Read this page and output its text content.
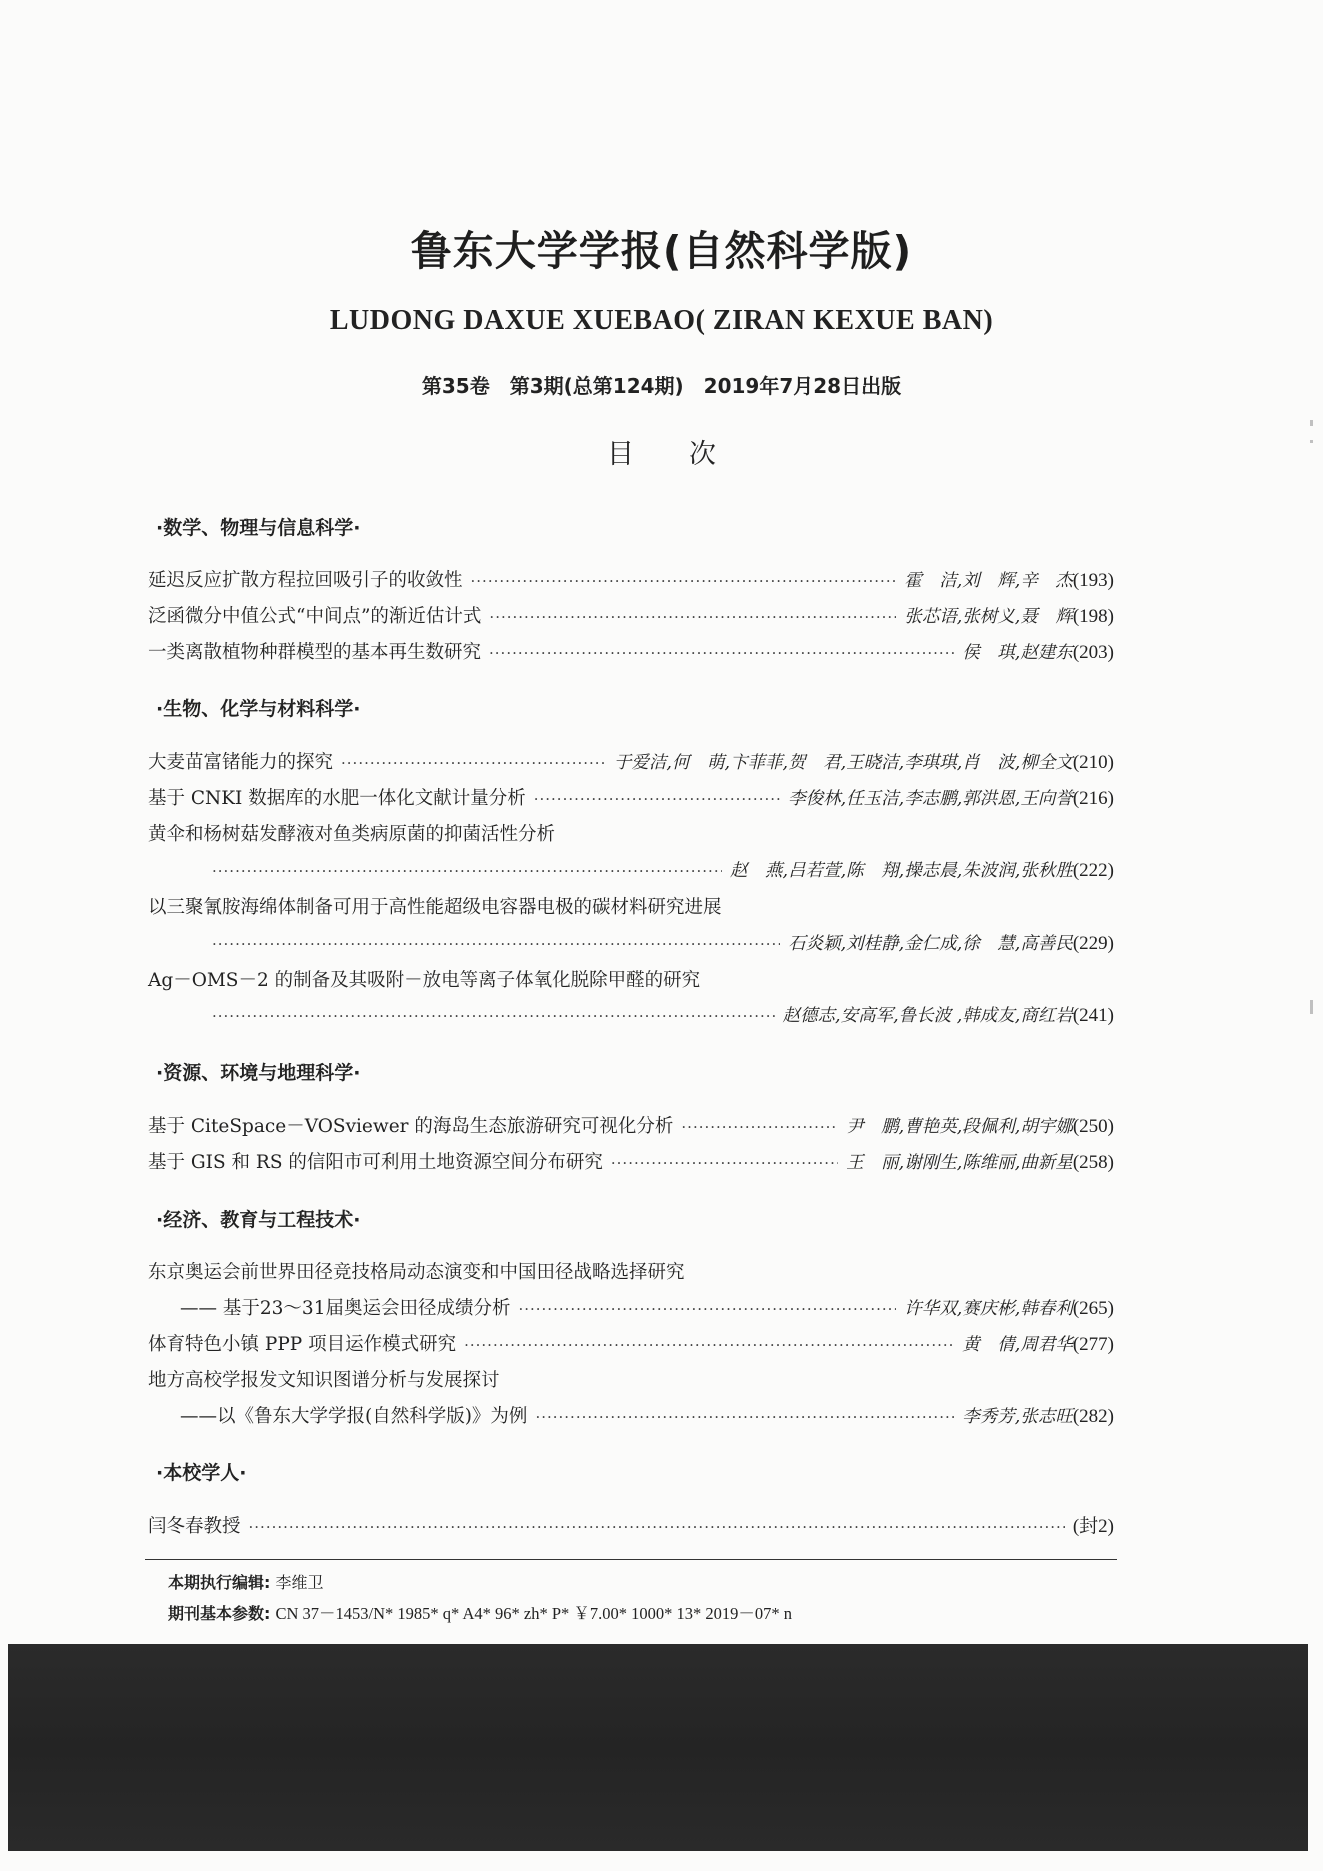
鲁东大学学报(自然科学版)
LUDONG DAXUE XUEBAO( ZIRAN KEXUE BAN)
第35卷　第3期(总第124期)　2019年7月28日出版
目次
·数学、物理与信息科学·
延迟反应扩散方程拉回吸引子的收敛性 ·····	霍　洁,刘　辉,辛　杰 (193)
泛函微分中值公式“中间点”的渐近估计式 ·····	张芯语,张树义,聂　辉 (198)
一类离散植物种群模型的基本再生数研究 ·····	侯　琪,赵建东 (203)
·生物、化学与材料科学·
大麦苗富锗能力的探究 ·····	于爱洁,何　萌,卞菲菲,贺　君,王晓洁,李琪琪,肖　波,柳全文 (210)
基于 CNKI 数据库的水肥一体化文献计量分析 ·····	李俊林,任玉洁,李志鹏,郭洪恩,王向誉 (216)
黄伞和杨树菇发酵液对鱼类病原菌的抑菌活性分析
·····
赵　燕,吕若萱,陈　翔,操志晨,朱波润,张秋胜 (222)
以三聚氰胺海绵体制备可用于高性能超级电容器电极的碳材料研究进展
·····
石炎颖,刘桂静,金仁成,徐　慧,高善民 (229)
Ag－OMS－2 的制备及其吸附－放电等离子体氧化脱除甲醛的研究
·····
赵德志,安高军,鲁长波 ,韩成友,商红岩 (241)
·资源、环境与地理科学·
基于 CiteSpace－VOSviewer 的海岛生态旅游研究可视化分析 ·····	尹　鹏,曹艳英,段佩利,胡宇娜 (250)
基于 GIS 和 RS 的信阳市可利用土地资源空间分布研究 ·····	王　丽,谢刚生,陈维丽,曲新星 (258)
·经济、教育与工程技术·
东京奥运会前世界田径竞技格局动态演变和中国田径战略选择研究
—— 基于23～31届奥运会田径成绩分析 ·····	许华双,赛庆彬,韩春利 (265)
体育特色小镇 PPP 项目运作模式研究 ·····	黄　倩,周君华 (277)
地方高校学报发文知识图谱分析与发展探讨
——以《鲁东大学学报(自然科学版)》为例 ·····	李秀芳,张志旺 (282)
·本校学人·
闫冬春教授 ·····	(封2)
本期执行编辑: 李维卫
期刊基本参数: CN 37－1453/N* 1985* q* A4* 96* zh* P* ￥7.00* 1000* 13* 2019－07* n
